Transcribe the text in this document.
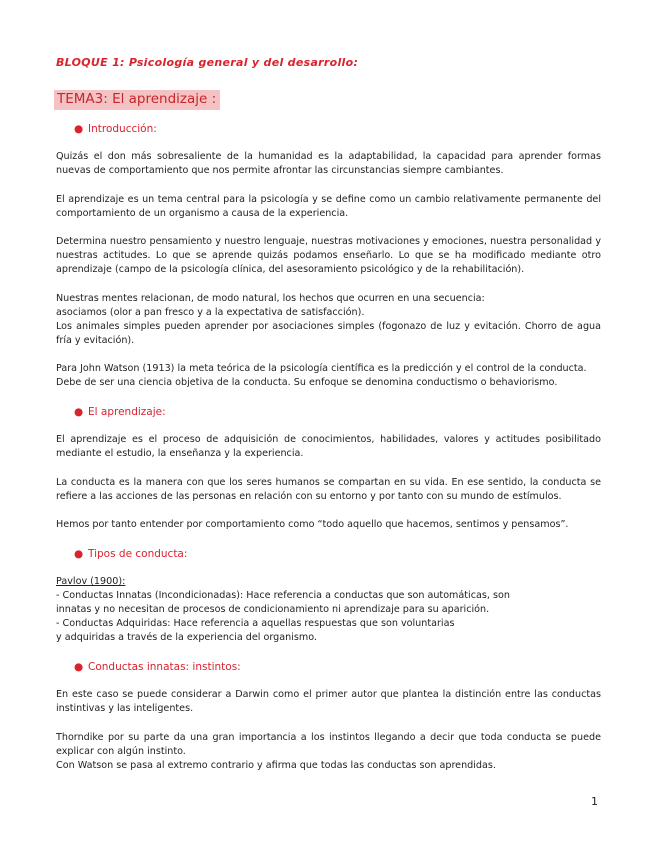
BLOQUE 1: Psicología general y del desarrollo:
TEMA3: El aprendizaje :
● Introducción:

Quizás el don más sobresaliente de la humanidad es la adaptabilidad, la capacidad para aprender formas nuevas de comportamiento que nos permite afrontar las circunstancias siempre cambiantes.

El aprendizaje es un tema central para la psicología y se define como un cambio relativamente permanente del comportamiento de un organismo a causa de la experiencia.

Determina nuestro pensamiento y nuestro lenguaje, nuestras motivaciones y emociones, nuestra personalidad y nuestras actitudes. Lo que se aprende quizás podamos enseñarlo. Lo que se ha modificado mediante otro aprendizaje (campo de la psicología clínica, del asesoramiento psicológico y de la rehabilitación).

Nuestras mentes relacionan, de modo natural, los hechos que ocurren en una secuencia:

asociamos (olor a pan fresco y a la expectativa de satisfacción).

Los animales simples pueden aprender por asociaciones simples (fogonazo de luz y evitación. Chorro de agua fría y evitación).

Para John Watson (1913) la meta teórica de la psicología científica es la predicción y el control de la conducta.

Debe de ser una ciencia objetiva de la conducta. Su enfoque se denomina conductismo o behaviorismo.

● El aprendizaje:

El aprendizaje es el proceso de adquisición de conocimientos, habilidades, valores y actitudes posibilitado mediante el estudio, la enseñanza y la experiencia.

La conducta es la manera con que los seres humanos se compartan en su vida. En ese sentido, la conducta se refiere a las acciones de las personas en relación con su entorno y por tanto con su mundo de estímulos.

Hemos por tanto entender por comportamiento como “todo aquello que hacemos, sentimos y pensamos”.

● Tipos de conducta:

Pavlov (1900):

- Conductas Innatas (Incondicionadas): Hace referencia a conductas que son automáticas, son

innatas y no necesitan de procesos de condicionamiento ni aprendizaje para su aparición.

- Conductas Adquiridas: Hace referencia a aquellas respuestas que son voluntarias

y adquiridas a través de la experiencia del organismo.

● Conductas innatas: instintos:

En este caso se puede considerar a Darwin como el primer autor que plantea la distinción entre las conductas instintivas y las inteligentes.

Thorndike por su parte da una gran importancia a los instintos llegando a decir que toda conducta se puede explicar con algún instinto.

Con Watson se pasa al extremo contrario y afirma que todas las conductas son aprendidas.

1
